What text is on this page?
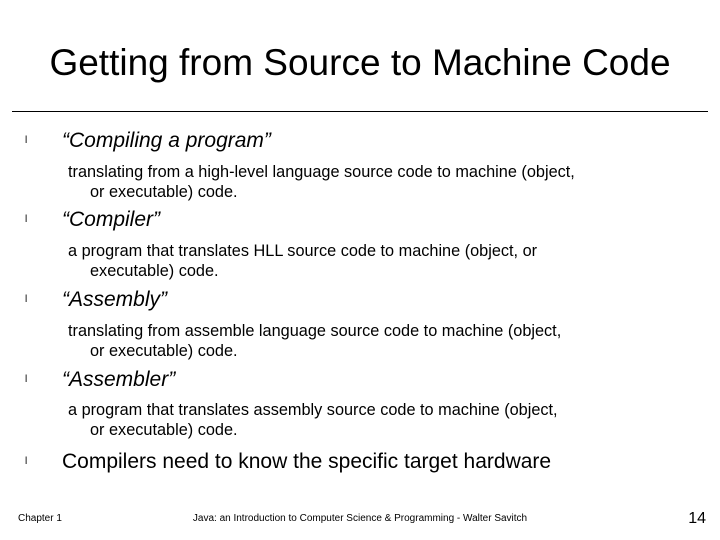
Getting from Source to Machine Code
l “Compiling a program”
translating from a high-level language source code to machine (object,
or executable) code.
l “Compiler”
a program that translates HLL source code to machine (object, or
executable) code.
l “Assembly”
translating from assemble language source code to machine (object,
or executable) code.
l “Assembler”
a program that translates assembly source code to machine (object,
or executable) code.
l Compilers need to know the specific target hardware
Chapter 1	Java: an Introduction to Computer Science & Programming - Walter Savitch	14
